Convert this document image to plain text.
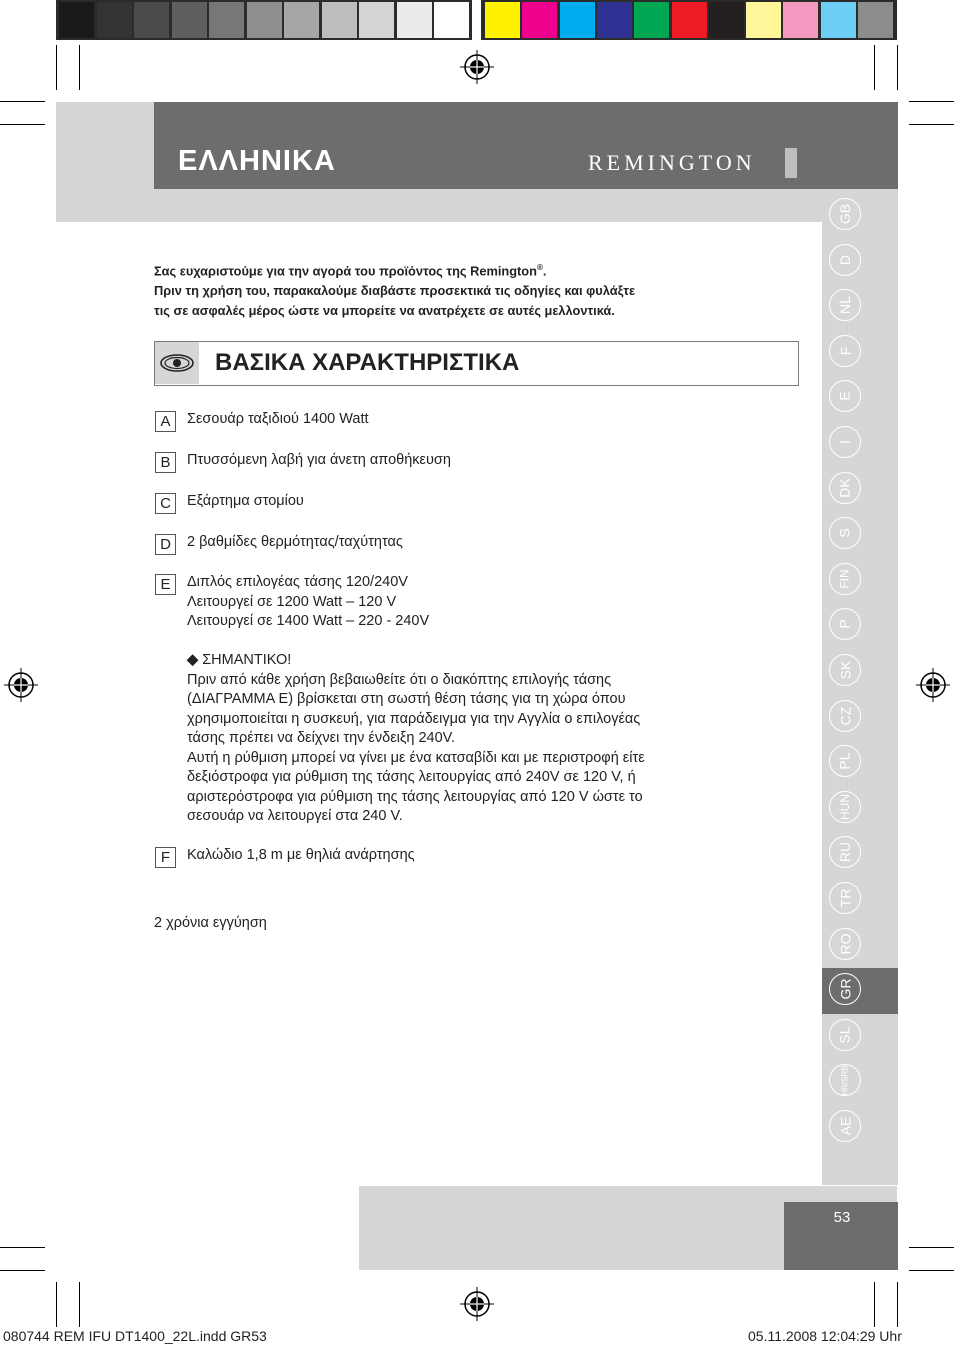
ΕΛΛΗΝΙΚΑ	REMINGTON
GB
D
NL
F
E
I
DK
S
FIN
P
SK
CZ
PL
HUN
RU
TR
RO
GR
SL
HR/SRB
AE
53
Σας ευχαριστούμε για την αγορά του προϊόντος της Remington®.
Πριν τη χρήση του, παρακαλούμε διαβάστε προσεκτικά τις οδηγίες και φυλάξτε
τις σε ασφαλές μέρος ώστε να μπορείτε να ανατρέχετε σε αυτές μελλοντικά.
ΒΑΣΙΚΑ ΧΑΡΑΚΤΗΡΙΣΤΙΚΑ
A	Σεσουάρ ταξιδιού 1400 Watt
B	Πτυσσόμενη λαβή για άνετη αποθήκευση
C	Εξάρτημα στομίου
D	2 βαθμίδες θερμότητας/ταχύτητας
E	Διπλός επιλογέας τάσης 120/240V
Λειτουργεί σε 1200 Watt – 120 V
Λειτουργεί σε 1400 Watt – 220 - 240V
◆ ΣΗΜΑΝΤΙΚΟ!
Πριν από κάθε χρήση βεβαιωθείτε ότι ο διακόπτης επιλογής τάσης
(ΔΙΑΓΡΑΜΜΑ Ε) βρίσκεται στη σωστή θέση τάσης για τη χώρα όπου
χρησιμοποιείται η συσκευή, για παράδειγμα για την Αγγλία ο επιλογέας
τάσης πρέπει να δείχνει την ένδειξη 240V.
Αυτή η ρύθμιση μπορεί να γίνει με ένα κατσαβίδι και με περιστροφή είτε
δεξιόστροφα για ρύθμιση της τάσης λειτουργίας από 240V σε 120 V, ή
αριστερόστροφα για ρύθμιση της τάσης λειτουργίας από 120 V ώστε το
σεσουάρ να λειτουργεί στα 240 V.
F	Καλώδιο 1,8 m με θηλιά ανάρτησης
2 χρόνια εγγύηση
080744 REM IFU DT1400_22L.indd GR53	05.11.2008 12:04:29 Uhr
